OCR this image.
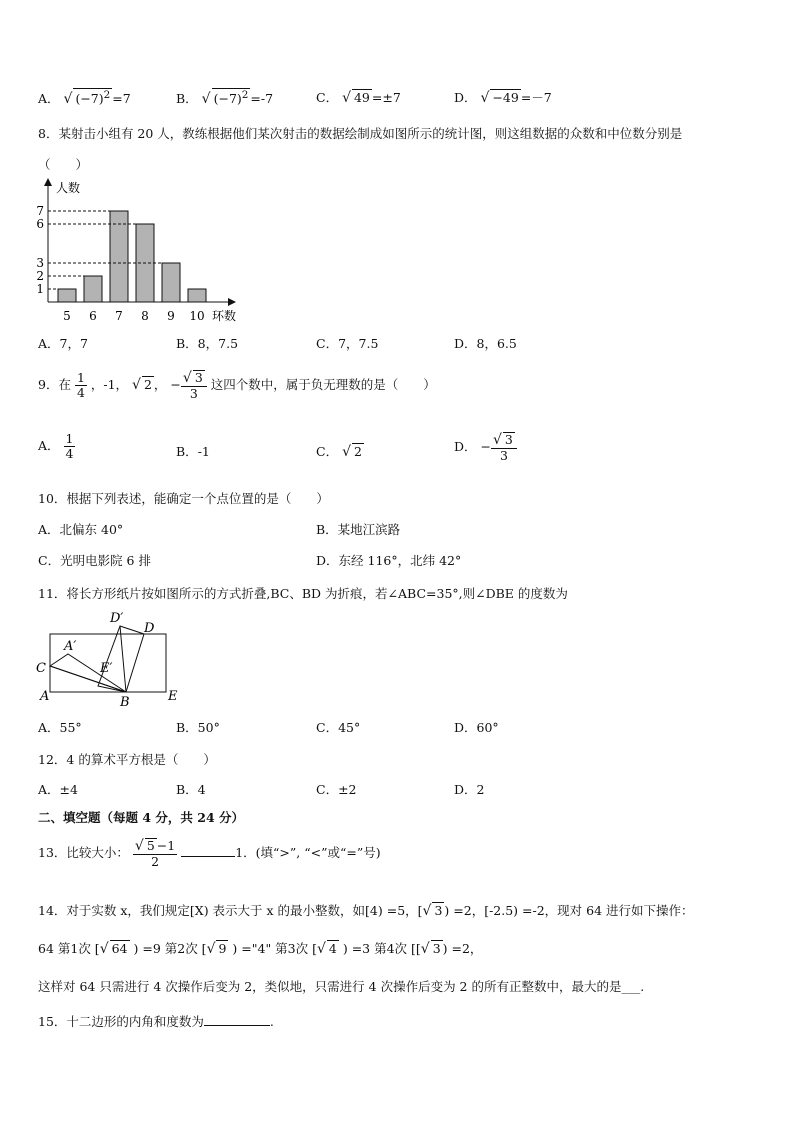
A． √ $(-7)^2 =7$	B． √ $(-7)^2 =-7$	C． √ 49 =±7	D． √ −49 =－7
8．某射击小组有 20 人，教练根据他们某次射击的数据绘制成如图所示的统计图，则这组数据的众数和中位数分别是
（　　）
人数
环数
5 6 7 8 9 10
1
2
3
6
7
A．7，7	B．8，7.5	C．7，7.5	D．8，6.5
9．在 $\frac{1}{4}$ ，-1， √ 2 ， − $\frac{√ 3}{3}$ 这四个数中，属于负无理数的是（　　）
A． $\frac{1}{4}$	B．-1	C． √ 2	D． − $\frac{√ 3}{3}$
10．根据下列表述，能确定一个点位置的是（　　）
A．北偏东 40°	B．某地江滨路
C．光明电影院 6 排	D．东经 116°，北纬 42°
11．将长方形纸片按如图所示的方式折叠,BC、BD 为折痕，若∠ABC=35°,则∠DBE 的度数为
D′
D
A′
C	E′
A	B	E
A．55°	B．50°	C．45°	D．60°
12．4 的算术平方根是（　　）
A．±4	B．4	C．±2	D．2
二、填空题（每题 4 分，共 24 分）
13．比较大小： $\frac{√ 5 -1}{2}$	1．(填“>”, “<”或“=”号)
14．对于实数 x，我们规定[X) 表示大于 x 的最小整数，如[4) =5，[√ 3 ) =2，[-2.5) =-2，现对 64 进行如下操作：
64 第1次 [√ 64 ) =9 第2次 [√ 9 ) ="4" 第3次 [√ 4 ) =3 第4次 [[√ 3 ) =2，
这样对 64 只需进行 4 次操作后变为 2，类似地，只需进行 4 次操作后变为 2 的所有正整数中，最大的是___.
15．十二边形的内角和度数为	.
